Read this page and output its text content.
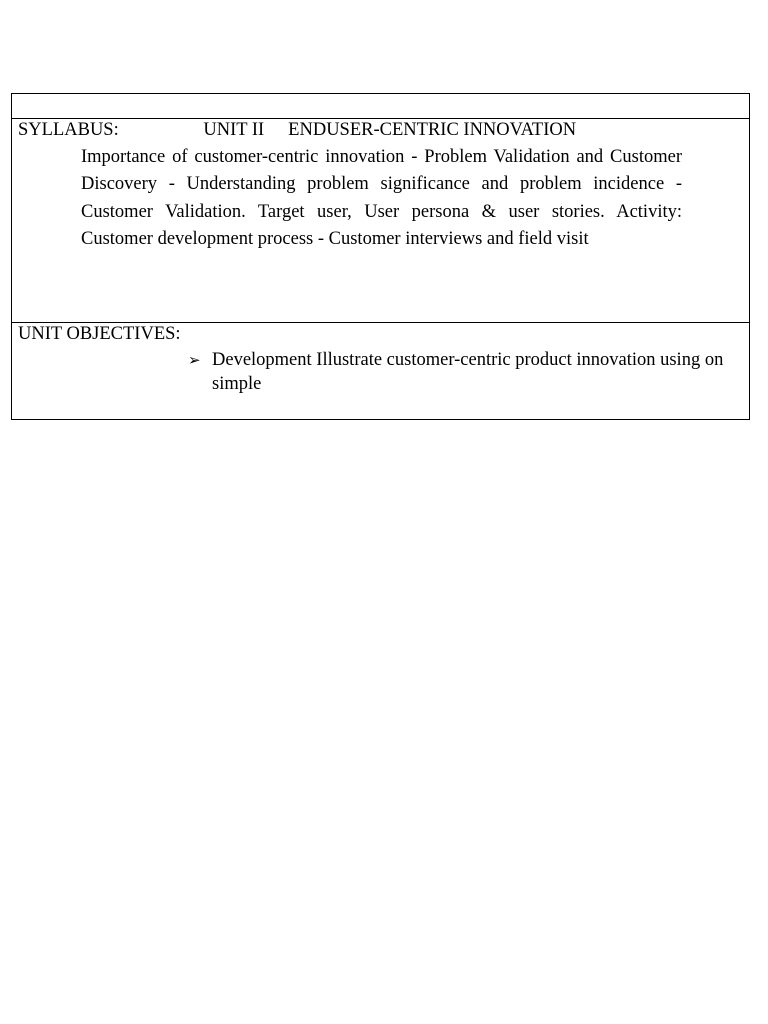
UNIT II ENDUSER-CENTRIC INNOVATION

SYLLABUS:
Importance of customer-centric innovation - Problem Validation and Customer Discovery - Understanding problem significance and problem incidence - Customer Validation. Target user, User persona & user stories. Activity: Customer development process - Customer interviews and field visit
UNIT OBJECTIVES:
➢ Development Illustrate customer-centric product innovation using on simple
